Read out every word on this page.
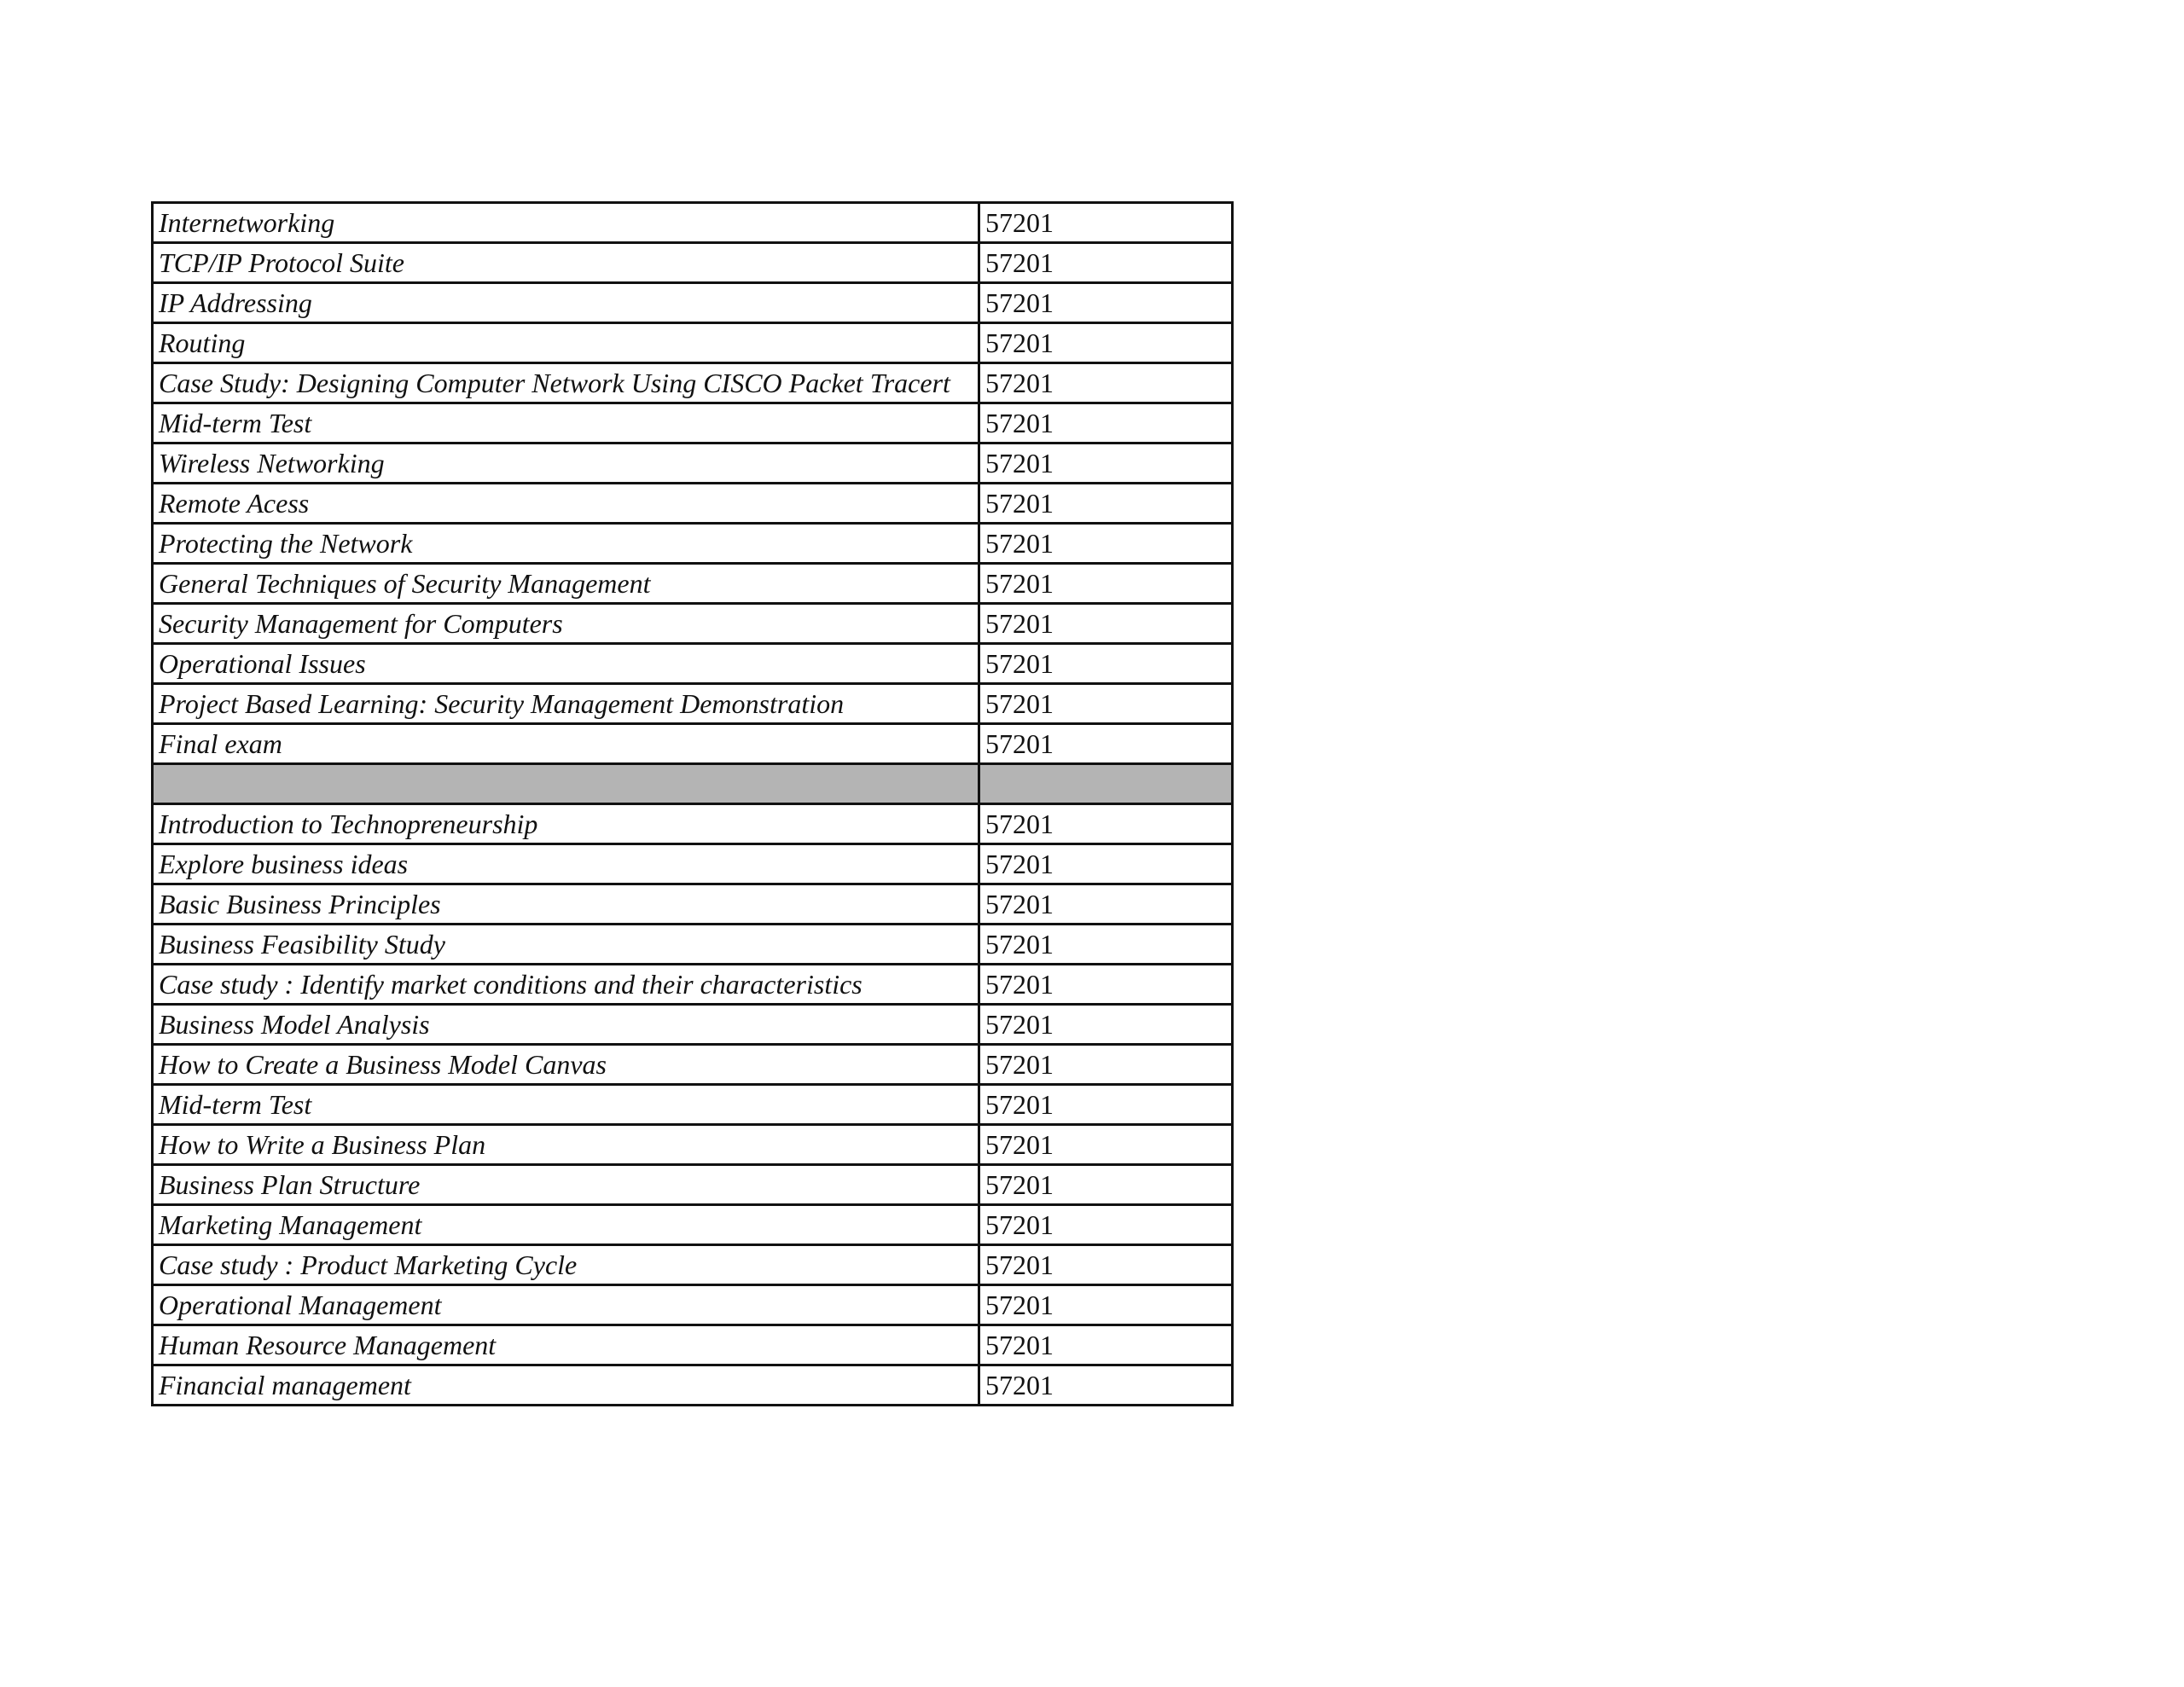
Internetworking	57201
TCP/IP Protocol Suite	57201
IP Addressing	57201
Routing	57201
Case Study: Designing Computer Network Using CISCO Packet Tracert	57201
Mid-term Test	57201
Wireless Networking	57201
Remote Acess	57201
Protecting the Network	57201
General Techniques of Security Management	57201
Security Management for Computers	57201
Operational Issues	57201
Project Based Learning: Security Management Demonstration	57201
Final exam	57201

Introduction to Technopreneurship	57201
Explore business ideas	57201
Basic Business Principles	57201
Business Feasibility Study	57201
Case study : Identify market conditions and their characteristics	57201
Business Model Analysis	57201
How to Create a Business Model Canvas	57201
Mid-term Test	57201
How to Write a Business Plan	57201
Business Plan Structure	57201
Marketing Management	57201
Case study : Product Marketing Cycle	57201
Operational Management	57201
Human Resource Management	57201
Financial management	57201
